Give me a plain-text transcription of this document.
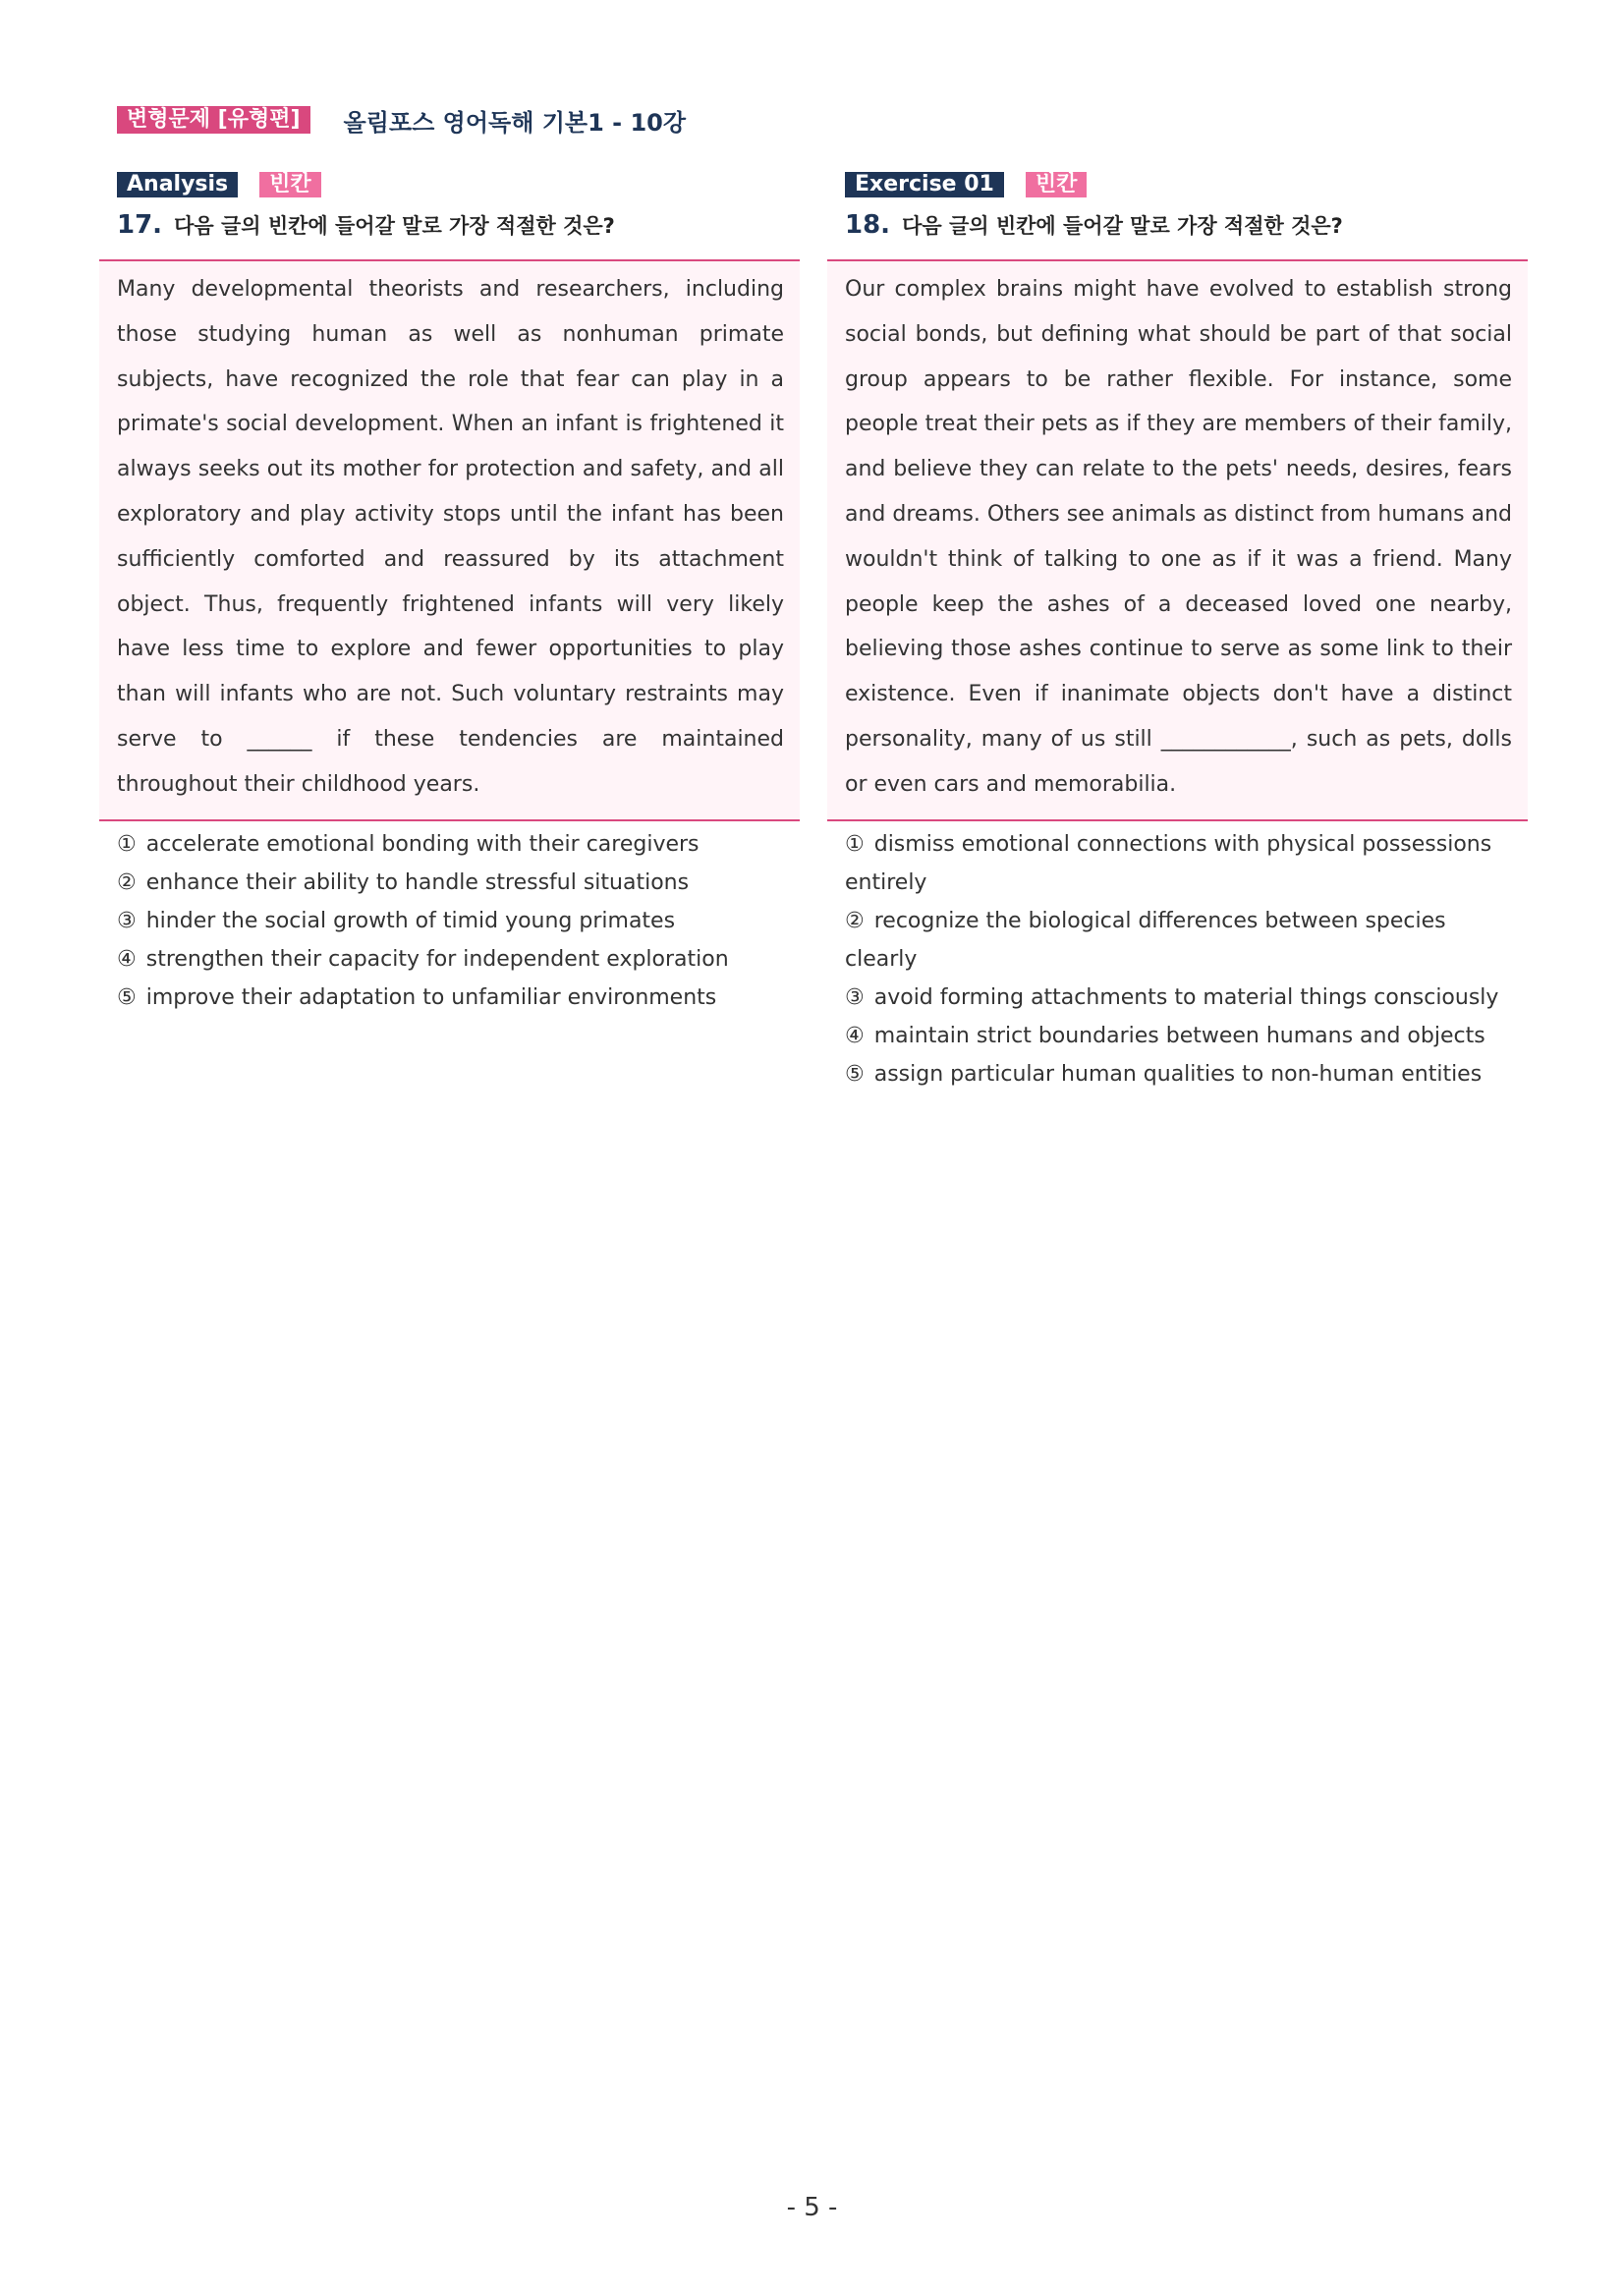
변형문제 [유형편]	올림포스 영어독해 기본1 - 10강
Analysis	빈칸
17. 다음 글의 빈칸에 들어갈 말로 가장 적절한 것은?
Many developmental theorists and researchers, including those studying human as well as nonhuman primate subjects, have recognized the role that fear can play in a primate's social development. When an infant is frightened it always seeks out its mother for protection and safety, and all exploratory and play activity stops until the infant has been sufficiently comforted and reassured by its attachment object. Thus, frequently frightened infants will very likely have less time to explore and fewer opportunities to play than will infants who are not. Such voluntary restraints may serve to ______ if these tendencies are maintained throughout their childhood years.
① accelerate emotional bonding with their caregivers
② enhance their ability to handle stressful situations
③ hinder the social growth of timid young primates
④ strengthen their capacity for independent exploration
⑤ improve their adaptation to unfamiliar environments
Exercise 01	빈칸
18. 다음 글의 빈칸에 들어갈 말로 가장 적절한 것은?
Our complex brains might have evolved to establish strong social bonds, but defining what should be part of that social group appears to be rather flexible. For instance, some people treat their pets as if they are members of their family, and believe they can relate to the pets' needs, desires, fears and dreams. Others see animals as distinct from humans and wouldn't think of talking to one as if it was a friend. Many people keep the ashes of a deceased loved one nearby, believing those ashes continue to serve as some link to their existence. Even if inanimate objects don't have a distinct personality, many of us still ____________, such as pets, dolls or even cars and memorabilia.
① dismiss emotional connections with physical possessions entirely
② recognize the biological differences between species clearly
③ avoid forming attachments to material things consciously
④ maintain strict boundaries between humans and objects
⑤ assign particular human qualities to non-human entities
- 5 -
